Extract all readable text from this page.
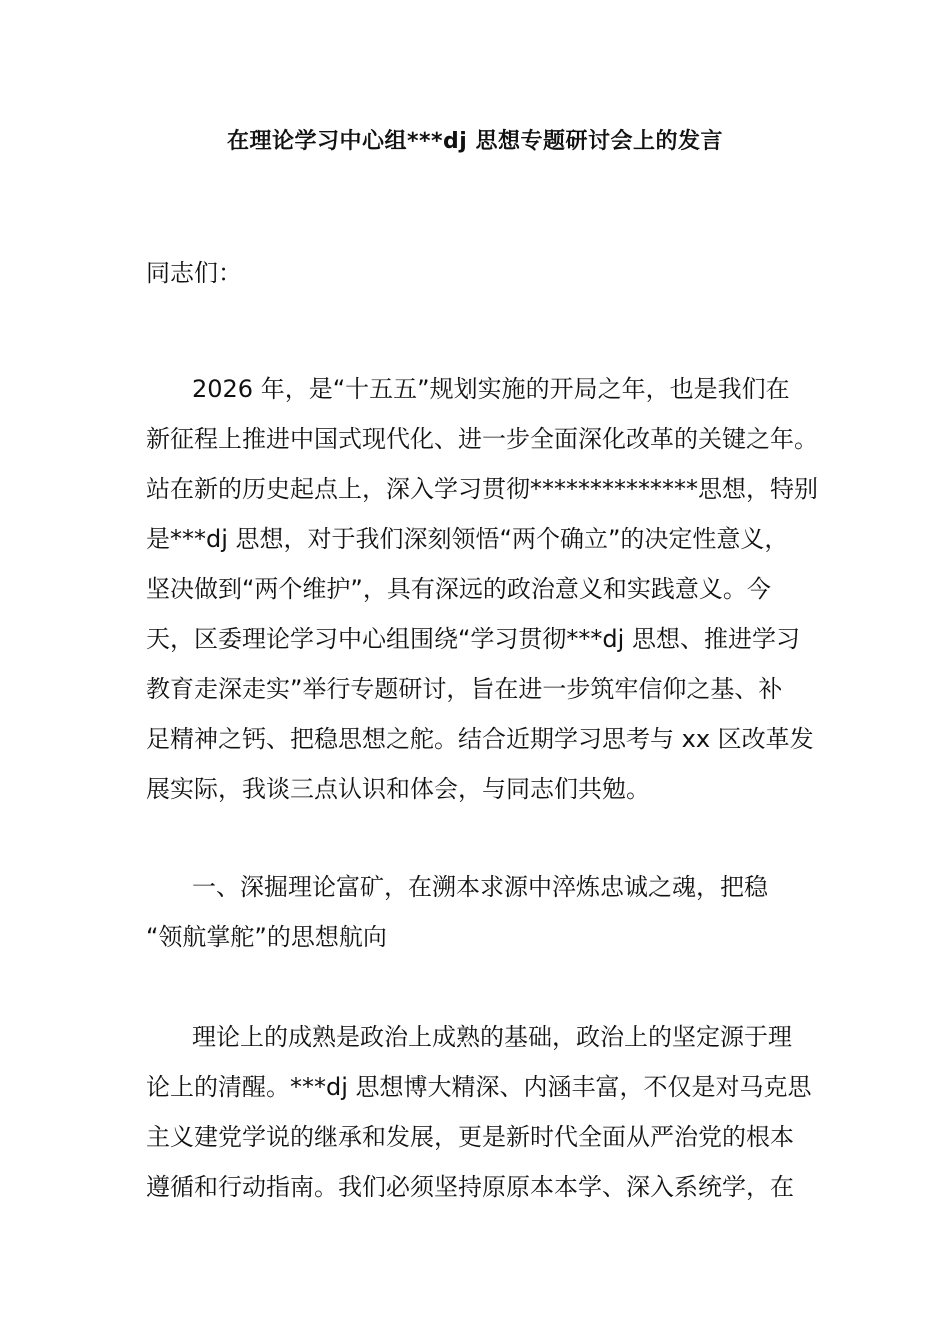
在理论学习中心组***dj 思想专题研讨会上的发言
同志们：
2026 年，是“十五五”规划实施的开局之年，也是我们在
新征程上推进中国式现代化、进一步全面深化改革的关键之年。
站在新的历史起点上，深入学习贯彻**************思想，特别
是***dj 思想，对于我们深刻领悟“两个确立”的决定性意义，
坚决做到“两个维护”，具有深远的政治意义和实践意义。今
天，区委理论学习中心组围绕“学习贯彻***dj 思想、推进学习
教育走深走实”举行专题研讨，旨在进一步筑牢信仰之基、补
足精神之钙、把稳思想之舵。结合近期学习思考与 xx 区改革发
展实际，我谈三点认识和体会，与同志们共勉。
一、深掘理论富矿，在溯本求源中淬炼忠诚之魂，把稳
“领航掌舵”的思想航向
理论上的成熟是政治上成熟的基础，政治上的坚定源于理
论上的清醒。***dj 思想博大精深、内涵丰富，不仅是对马克思
主义建党学说的继承和发展，更是新时代全面从严治党的根本
遵循和行动指南。我们必须坚持原原本本学、深入系统学，在
